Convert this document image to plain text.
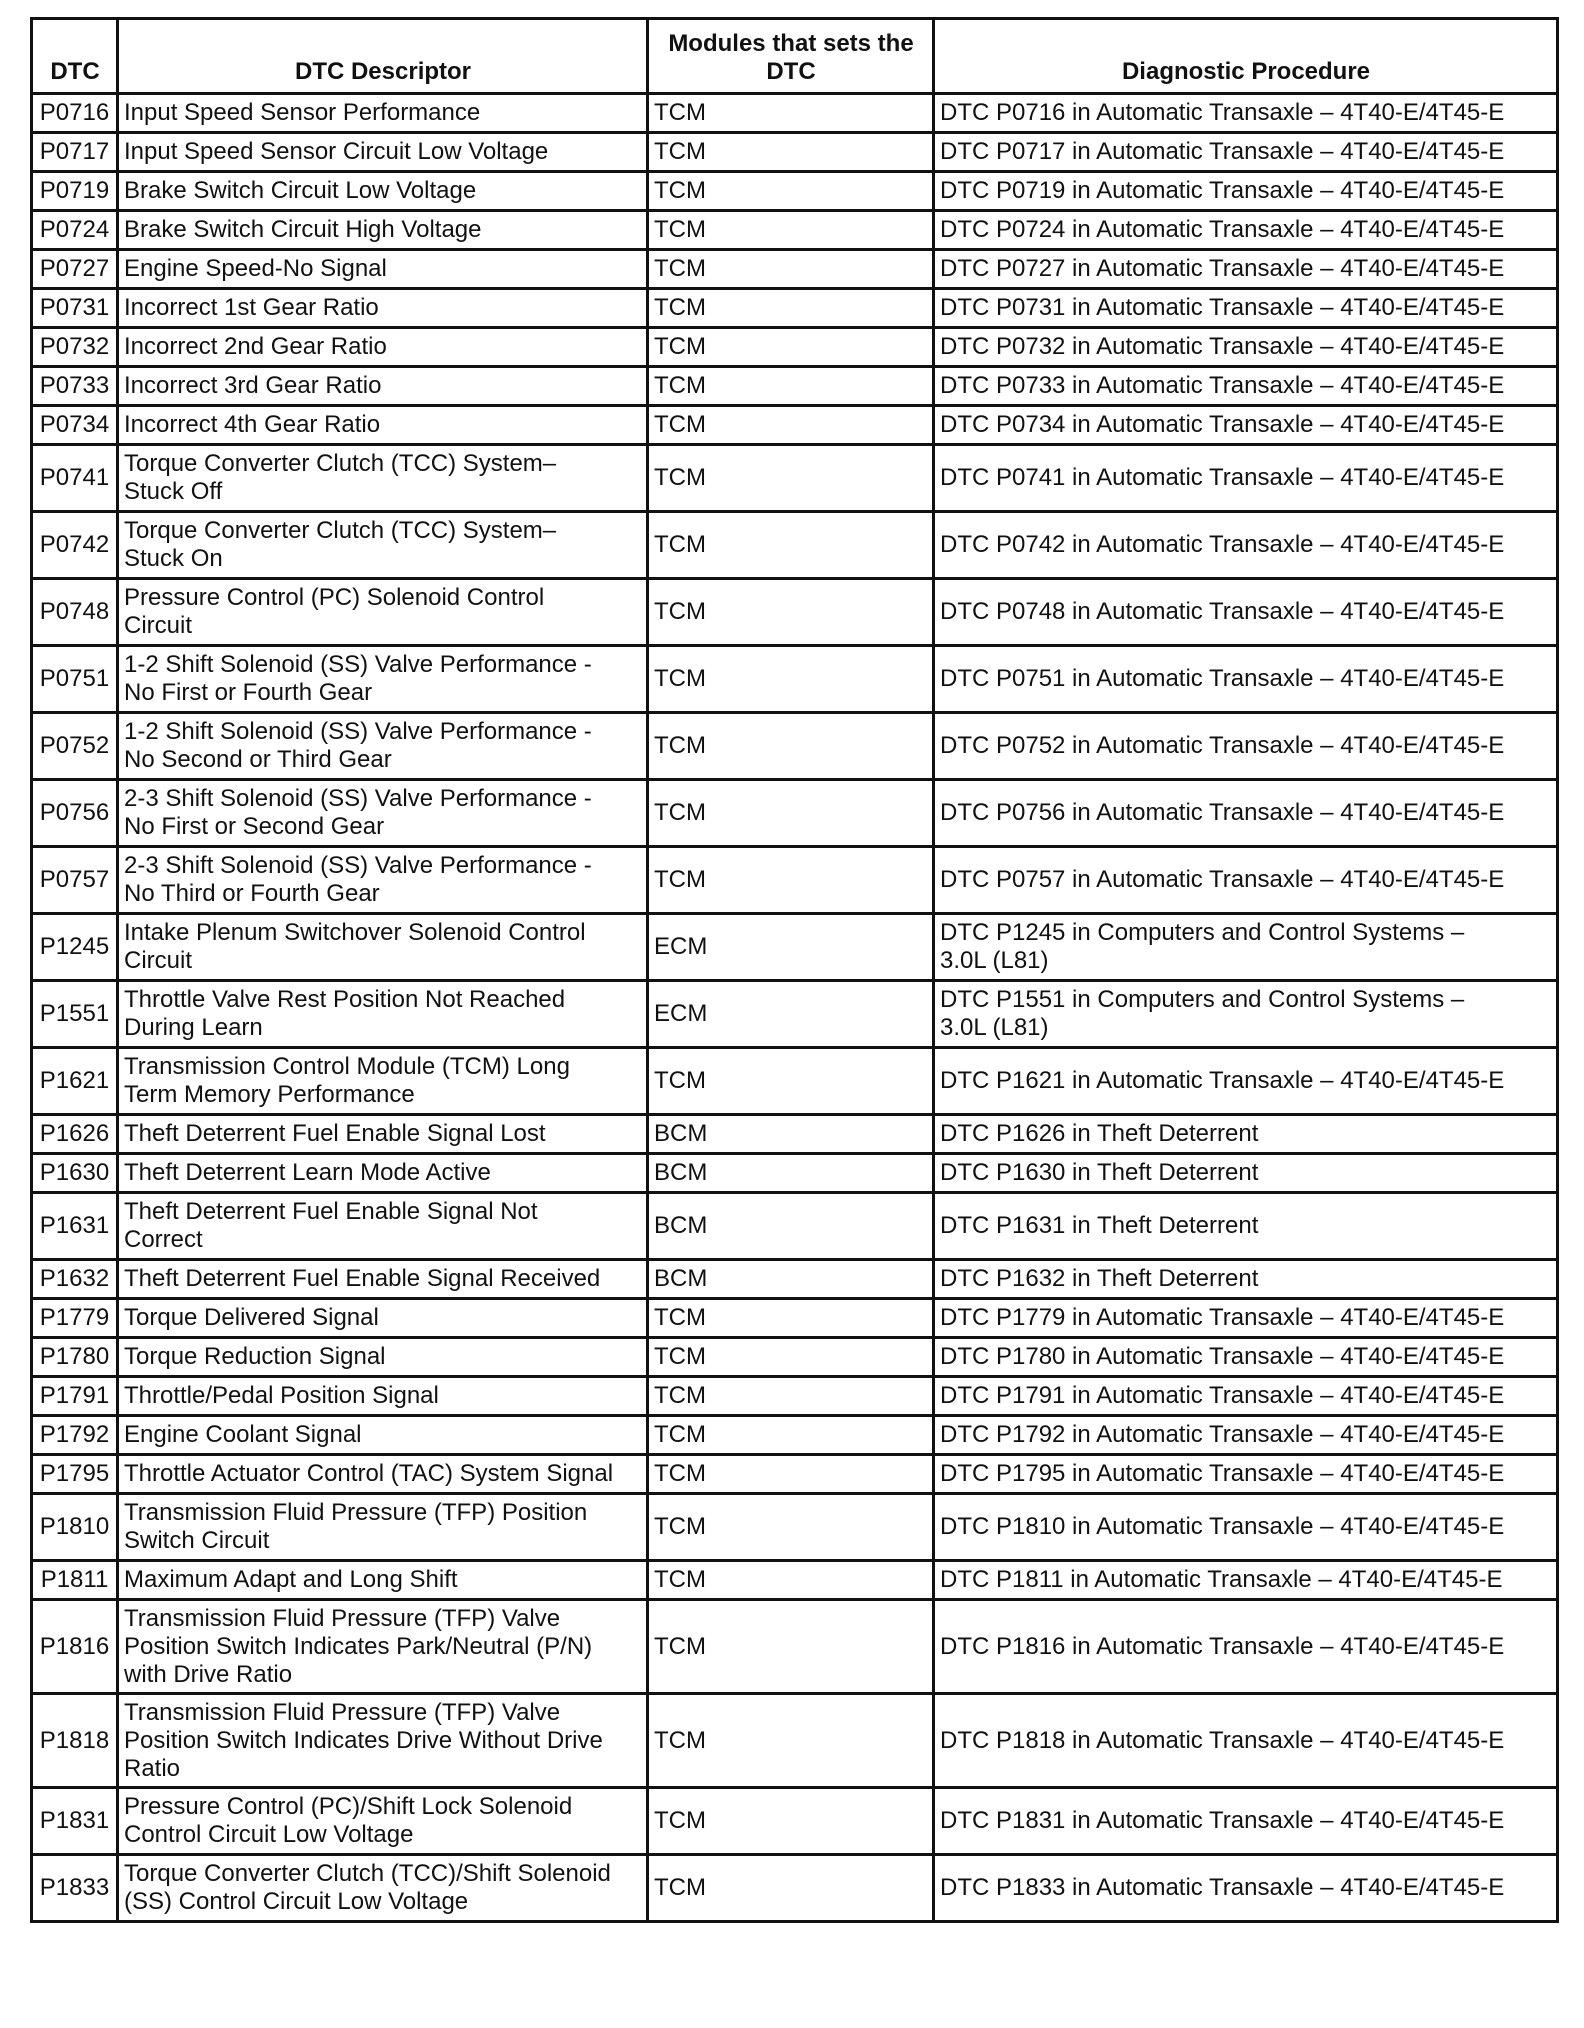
DTC	DTC Descriptor	Modules that sets the DTC	Diagnostic Procedure
P0716	Input Speed Sensor Performance	TCM	DTC P0716 in Automatic Transaxle – 4T40-E/4T45-E
P0717	Input Speed Sensor Circuit Low Voltage	TCM	DTC P0717 in Automatic Transaxle – 4T40-E/4T45-E
P0719	Brake Switch Circuit Low Voltage	TCM	DTC P0719 in Automatic Transaxle – 4T40-E/4T45-E
P0724	Brake Switch Circuit High Voltage	TCM	DTC P0724 in Automatic Transaxle – 4T40-E/4T45-E
P0727	Engine Speed-No Signal	TCM	DTC P0727 in Automatic Transaxle – 4T40-E/4T45-E
P0731	Incorrect 1st Gear Ratio	TCM	DTC P0731 in Automatic Transaxle – 4T40-E/4T45-E
P0732	Incorrect 2nd Gear Ratio	TCM	DTC P0732 in Automatic Transaxle – 4T40-E/4T45-E
P0733	Incorrect 3rd Gear Ratio	TCM	DTC P0733 in Automatic Transaxle – 4T40-E/4T45-E
P0734	Incorrect 4th Gear Ratio	TCM	DTC P0734 in Automatic Transaxle – 4T40-E/4T45-E
P0741	Torque Converter Clutch (TCC) System–
Stuck Off	TCM	DTC P0741 in Automatic Transaxle – 4T40-E/4T45-E
P0742	Torque Converter Clutch (TCC) System–
Stuck On	TCM	DTC P0742 in Automatic Transaxle – 4T40-E/4T45-E
P0748	Pressure Control (PC) Solenoid Control
Circuit	TCM	DTC P0748 in Automatic Transaxle – 4T40-E/4T45-E
P0751	1-2 Shift Solenoid (SS) Valve Performance -
No First or Fourth Gear	TCM	DTC P0751 in Automatic Transaxle – 4T40-E/4T45-E
P0752	1-2 Shift Solenoid (SS) Valve Performance -
No Second or Third Gear	TCM	DTC P0752 in Automatic Transaxle – 4T40-E/4T45-E
P0756	2-3 Shift Solenoid (SS) Valve Performance -
No First or Second Gear	TCM	DTC P0756 in Automatic Transaxle – 4T40-E/4T45-E
P0757	2-3 Shift Solenoid (SS) Valve Performance -
No Third or Fourth Gear	TCM	DTC P0757 in Automatic Transaxle – 4T40-E/4T45-E
P1245	Intake Plenum Switchover Solenoid Control
Circuit	ECM	DTC P1245 in Computers and Control Systems –
3.0L (L81)
P1551	Throttle Valve Rest Position Not Reached
During Learn	ECM	DTC P1551 in Computers and Control Systems –
3.0L (L81)
P1621	Transmission Control Module (TCM) Long
Term Memory Performance	TCM	DTC P1621 in Automatic Transaxle – 4T40-E/4T45-E
P1626	Theft Deterrent Fuel Enable Signal Lost	BCM	DTC P1626 in Theft Deterrent
P1630	Theft Deterrent Learn Mode Active	BCM	DTC P1630 in Theft Deterrent
P1631	Theft Deterrent Fuel Enable Signal Not
Correct	BCM	DTC P1631 in Theft Deterrent
P1632	Theft Deterrent Fuel Enable Signal Received	BCM	DTC P1632 in Theft Deterrent
P1779	Torque Delivered Signal	TCM	DTC P1779 in Automatic Transaxle – 4T40-E/4T45-E
P1780	Torque Reduction Signal	TCM	DTC P1780 in Automatic Transaxle – 4T40-E/4T45-E
P1791	Throttle/Pedal Position Signal	TCM	DTC P1791 in Automatic Transaxle – 4T40-E/4T45-E
P1792	Engine Coolant Signal	TCM	DTC P1792 in Automatic Transaxle – 4T40-E/4T45-E
P1795	Throttle Actuator Control (TAC) System Signal	TCM	DTC P1795 in Automatic Transaxle – 4T40-E/4T45-E
P1810	Transmission Fluid Pressure (TFP) Position
Switch Circuit	TCM	DTC P1810 in Automatic Transaxle – 4T40-E/4T45-E
P1811	Maximum Adapt and Long Shift	TCM	DTC P1811 in Automatic Transaxle – 4T40-E/4T45-E
P1816	Transmission Fluid Pressure (TFP) Valve
Position Switch Indicates Park/Neutral (P/N)
with Drive Ratio	TCM	DTC P1816 in Automatic Transaxle – 4T40-E/4T45-E
P1818	Transmission Fluid Pressure (TFP) Valve
Position Switch Indicates Drive Without Drive
Ratio	TCM	DTC P1818 in Automatic Transaxle – 4T40-E/4T45-E
P1831	Pressure Control (PC)/Shift Lock Solenoid
Control Circuit Low Voltage	TCM	DTC P1831 in Automatic Transaxle – 4T40-E/4T45-E
P1833	Torque Converter Clutch (TCC)/Shift Solenoid
(SS) Control Circuit Low Voltage	TCM	DTC P1833 in Automatic Transaxle – 4T40-E/4T45-E
